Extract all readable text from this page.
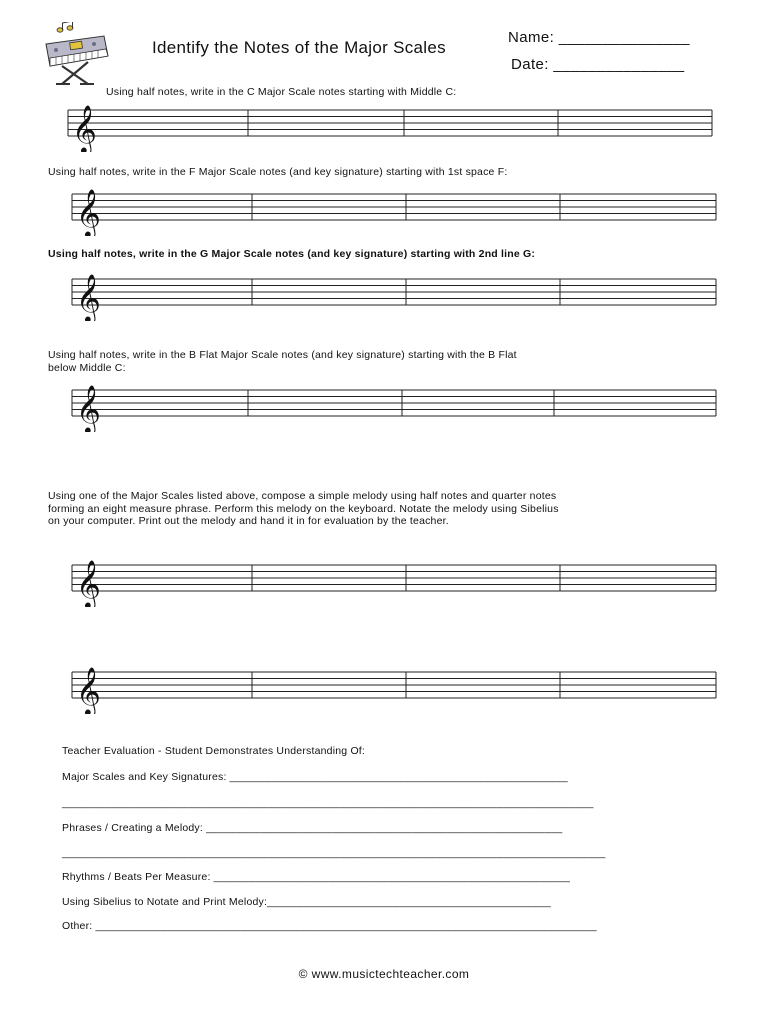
Identify the Notes of the Major Scales
Name: _______________
Date: _______________
Using half notes, write in the C Major Scale notes starting with Middle C:
Using half notes, write in the F Major Scale notes (and key signature) starting with 1st space F:
Using half notes, write in the G Major Scale notes (and key signature) starting with 2nd line G:
Using half notes, write in the B Flat Major Scale notes (and key signature) starting with the B Flat
below Middle C:
Using one of the Major Scales listed above, compose a simple melody using half notes and quarter notes
forming an eight measure phrase. Perform this melody on the keyboard. Notate the melody using Sibelius
on your computer. Print out the melody and hand it in for evaluation by the teacher.
𝄞
𝄞
𝄞
𝄞
𝄞
𝄞
Teacher Evaluation - Student Demonstrates Understanding Of:
Major Scales and Key Signatures: ________________________________________________________
________________________________________________________________________________________
Phrases / Creating a Melody: ___________________________________________________________
__________________________________________________________________________________________
Rhythms / Beats Per Measure: ___________________________________________________________
Using Sibelius to Notate and Print Melody:_______________________________________________
Other: ___________________________________________________________________________________
© www.musictechteacher.com
